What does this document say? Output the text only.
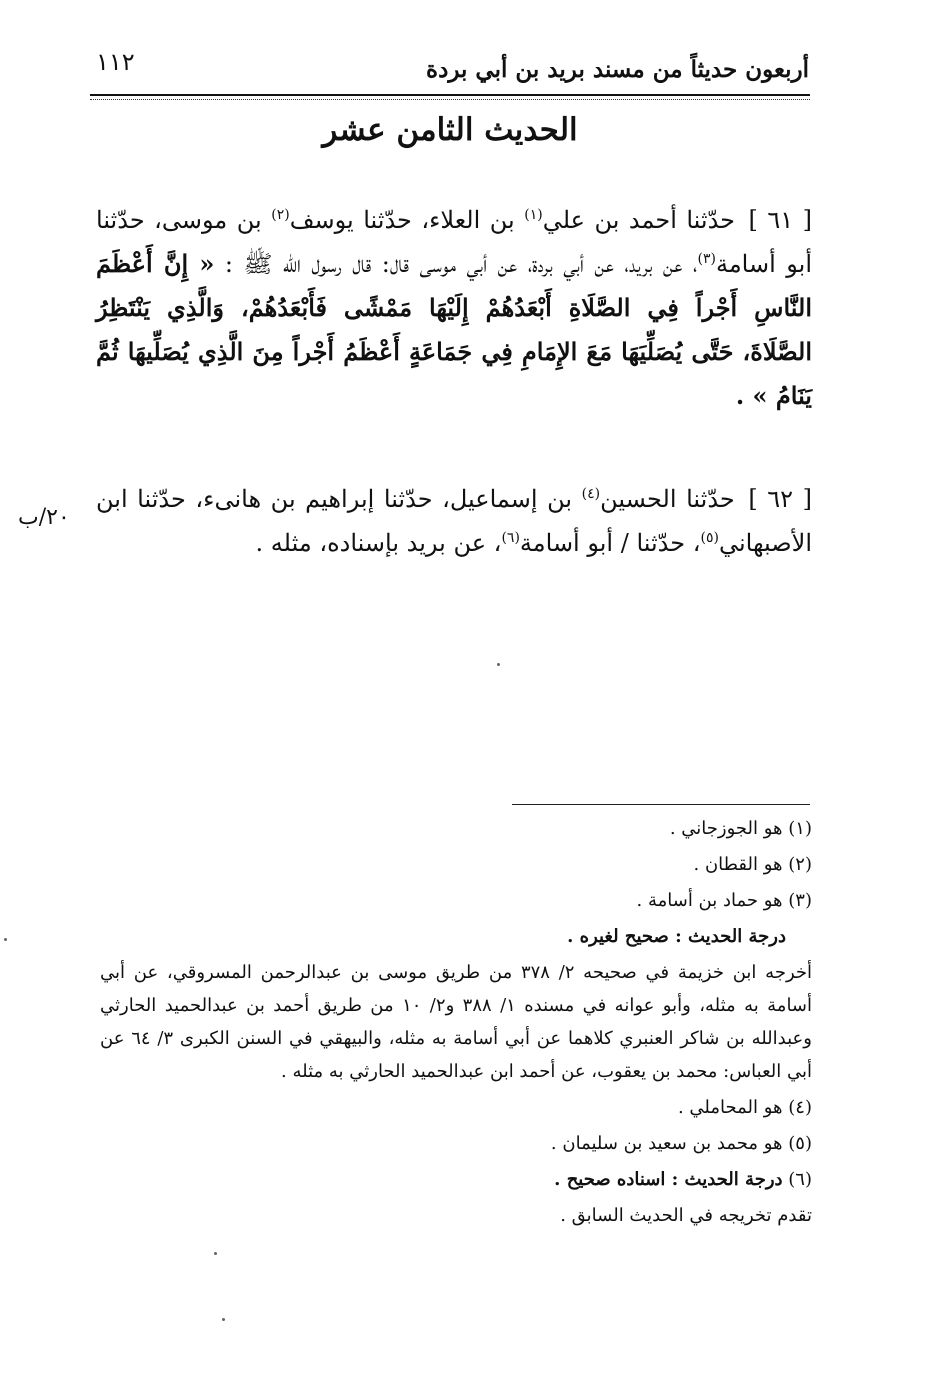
أربعون حديثاً من مسند بريد بن أبي بردة
١١٢
الحديث الثامن عشر

[ ٦١ ] حدّثنا أحمد بن علي$^{(١)}$ بن العلاء، حدّثنا يوسف$^{(٢)}$ بن موسى، حدّثنا أبو أسامة$^{(٣)}$، عن بريد، عن أبي بردة، عن أبي موسى قال: قال رسول الله ﷺ : « إِنَّ أَعْظَمَ النَّاسِ أَجْراً فِي الصَّلَاةِ أَبْعَدُهُمْ إِلَيْهَا مَمْشًى فَأَبْعَدُهُمْ، وَالَّذِي يَنْتَظِرُ الصَّلَاةَ، حَتَّى يُصَلِّيَهَا مَعَ الإِمَامِ فِي جَمَاعَةٍ أَعْظَمُ أَجْراً مِنَ الَّذِي يُصَلِّيهَا ثُمَّ يَنَامُ » .

[ ٦٢ ] حدّثنا الحسين$^{(٤)}$ بن إسماعيل، حدّثنا إبراهيم بن هانىء، حدّثنا ابن الأصبهاني$^{(٥)}$، حدّثنا / أبو أسامة$^{(٦)}$، عن بريد بإسناده، مثله .

٢٠/ب
(١) هو الجوزجاني .
(٢) هو القطان .
(٣) هو حماد بن أسامة .
درجة الحديث : صحيح لغيره .
أخرجه ابن خزيمة في صحيحه ٢/ ٣٧٨ من طريق موسى بن عبدالرحمن المسروقي، عن أبي أسامة به مثله، وأبو عوانه في مسنده ١/ ٣٨٨ و٢/ ١٠ من طريق أحمد بن عبدالحميد الحارثي وعبدالله بن شاكر العنبري كلاهما عن أبي أسامة به مثله، والبيهقي في السنن الكبرى ٣/ ٦٤ عن أبي العباس: محمد بن يعقوب، عن أحمد ابن عبدالحميد الحارثي به مثله .
(٤) هو المحاملي .
(٥) هو محمد بن سعيد بن سليمان .
(٦) درجة الحديث : اسناده صحيح .
تقدم تخريجه في الحديث السابق .
